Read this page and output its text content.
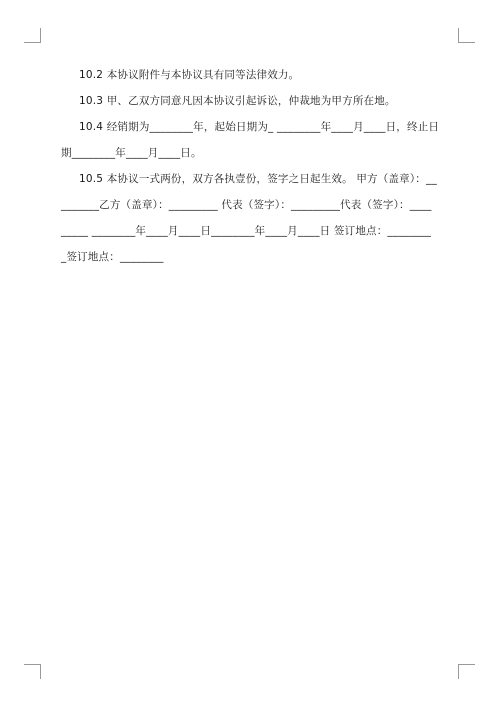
10.2 本协议附件与本协议具有同等法律效力。
10.3 甲、乙双方同意凡因本协议引起诉讼，仲裁地为甲方所在地。
10.4 经销期为________年，起始日期为_ ________年____月____日，终止日
期________年____月____日。
10.5 本协议一式两份，双方各执壹份，签字之日起生效。 甲方（盖章）：__
_______乙方（盖章）：_________ 代表（签字）：_________代表（签字）：____
_____ ________年____月____日________年____月____日 签订地点：________
_签订地点：________
